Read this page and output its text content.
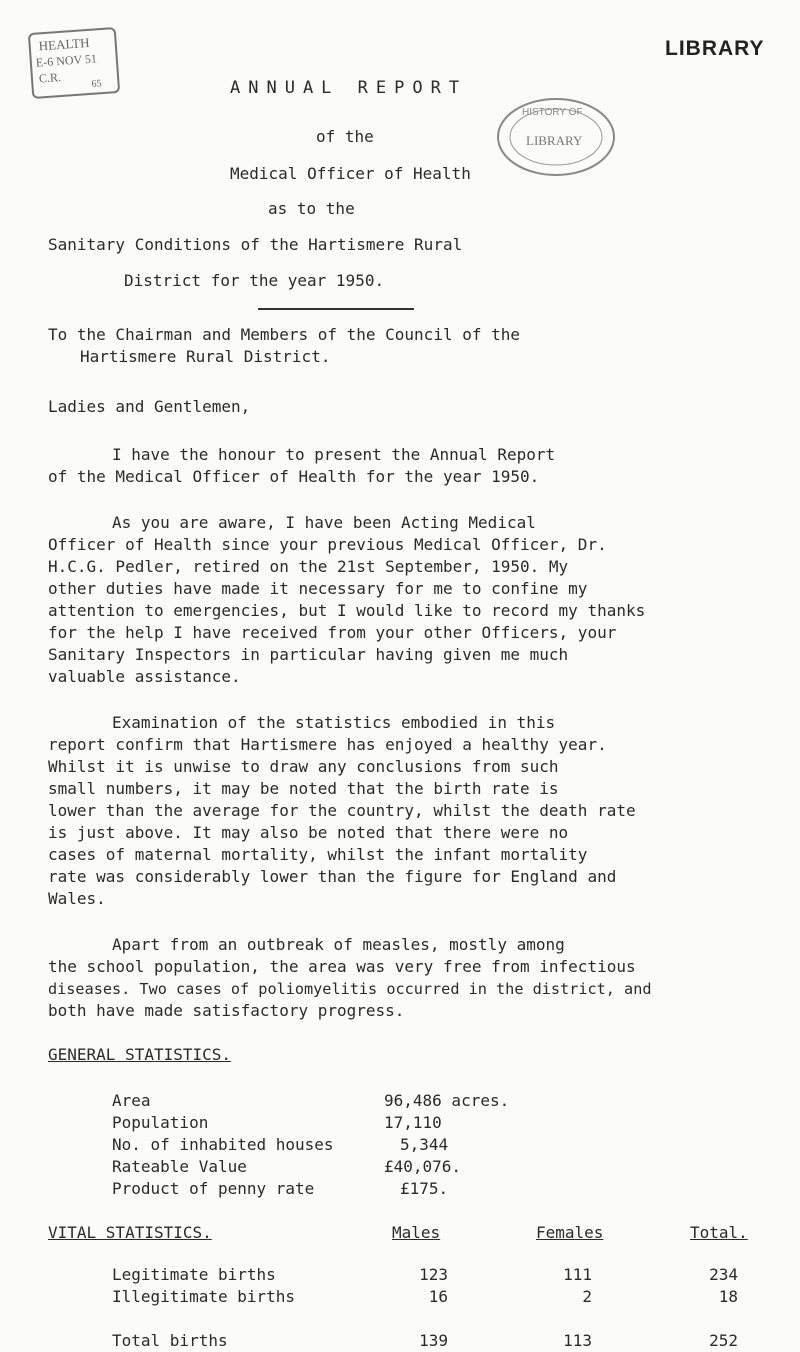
HEALTH
E-6 NOV 51
C.R.	65
LIBRARY
HISTORY OF
LIBRARY
ANNUAL REPORT
of the
Medical Officer of Health
as to the
Sanitary Conditions of the Hartismere Rural
District for the year 1950.
To the Chairman and Members of the Council of the
Hartismere Rural District.
Ladies and Gentlemen,
I have the honour to present the Annual Report
of the Medical Officer of Health for the year 1950.
As you are aware, I have been Acting Medical
Officer of Health since your previous Medical Officer, Dr.
H.C.G. Pedler, retired on the 21st September, 1950. My
other duties have made it necessary for me to confine my
attention to emergencies, but I would like to record my thanks
for the help I have received from your other Officers, your
Sanitary Inspectors in particular having given me much
valuable assistance.
Examination of the statistics embodied in this
report confirm that Hartismere has enjoyed a healthy year.
Whilst it is unwise to draw any conclusions from such
small numbers, it may be noted that the birth rate is
lower than the average for the country, whilst the death rate
is just above. It may also be noted that there were no
cases of maternal mortality, whilst the infant mortality
rate was considerably lower than the figure for England and
Wales.
Apart from an outbreak of measles, mostly among
the school population, the area was very free from infectious
diseases. Two cases of poliomyelitis occurred in the district, and
both have made satisfactory progress.
GENERAL STATISTICS.
Area	96,486 acres.
Population	17,110
No. of inhabited houses	5,344
Rateable Value	£40,076.
Product of penny rate	£175.
VITAL STATISTICS.	Males	Females	Total.
Legitimate births	123	111	234
Illegitimate births	16	2	18
Total births	139	113	252
